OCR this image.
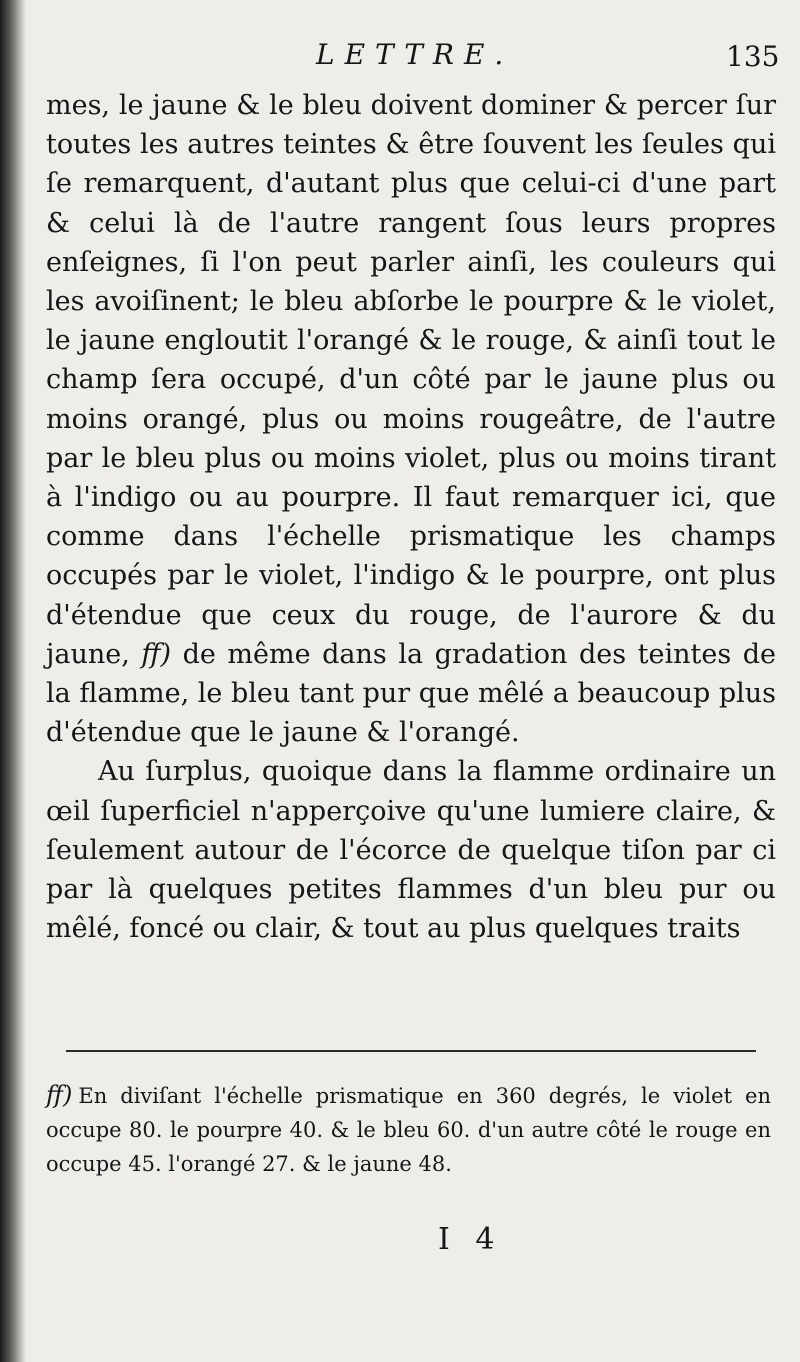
LETTRE.	135

mes, le jaune & le bleu doivent dominer & percer ſur toutes les autres teintes & être ſouvent les ſeules qui ſe remarquent, d'autant plus que celui-ci d'une part & celui là de l'autre rangent ſous leurs propres enſeignes, ſi l'on peut parler ainſi, les couleurs qui les avoiſinent; le bleu abſorbe le pourpre & le violet, le jaune engloutit l'orangé & le rouge, & ainſi tout le champ ſera occupé, d'un côté par le jaune plus ou moins orangé, plus ou moins rougeâtre, de l'autre par le bleu plus ou moins violet, plus ou moins tirant à l'indigo ou au pourpre. Il faut remarquer ici, que comme dans l'échelle prismatique les champs occupés par le violet, l'indigo & le pourpre, ont plus d'étendue que ceux du rouge, de l'aurore & du jaune, ff) de même dans la gradation des teintes de la flamme, le bleu tant pur que mêlé a beaucoup plus d'étendue que le jaune & l'orangé.

Au ſurplus, quoique dans la flamme ordinaire un œil ſuperficiel n'apperçoive qu'une lumiere claire, & ſeulement autour de l'écorce de quelque tiſon par ci par là quelques petites flammes d'un bleu pur ou mêlé, foncé ou clair, & tout au plus quelques traits

ff) En diviſant l'échelle prismatique en 360 degrés, le violet en occupe 80. le pourpre 40. & le bleu 60. d'un autre côté le rouge en occupe 45. l'orangé 27. & le jaune 48.
I 4
